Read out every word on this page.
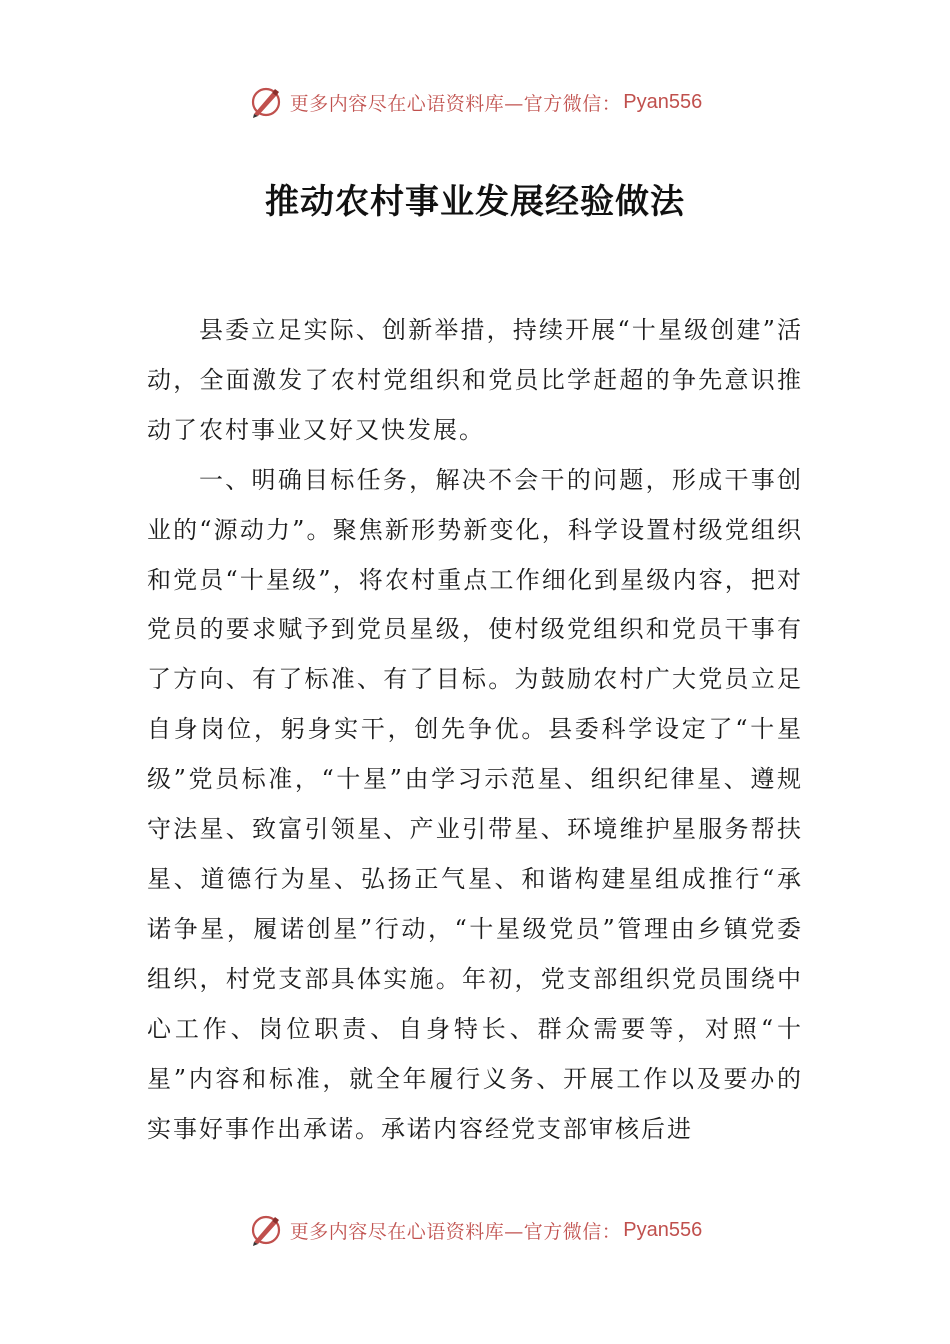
更多内容尽在心语资料库—官方微信： Pyan556
推动农村事业发展经验做法

县委立足实际、创新举措，持续开展“十星级创建”活动，全面激发了农村党组织和党员比学赶超的争先意识推动了农村事业又好又快发展。

一、明确目标任务，解决不会干的问题，形成干事创业的“源动力”。聚焦新形势新变化，科学设置村级党组织和党员“十星级”，将农村重点工作细化到星级内容，把对党员的要求赋予到党员星级，使村级党组织和党员干事有了方向、有了标准、有了目标。为鼓励农村广大党员立足自身岗位，躬身实干，创先争优。县委科学设定了“十星级”党员标准，“十星”由学习示范星、组织纪律星、遵规守法星、致富引领星、产业引带星、环境维护星服务帮扶星、道德行为星、弘扬正气星、和谐构建星组成推行“承诺争星，履诺创星”行动，“十星级党员”管理由乡镇党委组织，村党支部具体实施。年初，党支部组织党员围绕中心工作、岗位职责、自身特长、群众需要等，对照“十星”内容和标准，就全年履行义务、开展工作以及要办的实事好事作出承诺。承诺内容经党支部审核后进

更多内容尽在心语资料库—官方微信： Pyan556
